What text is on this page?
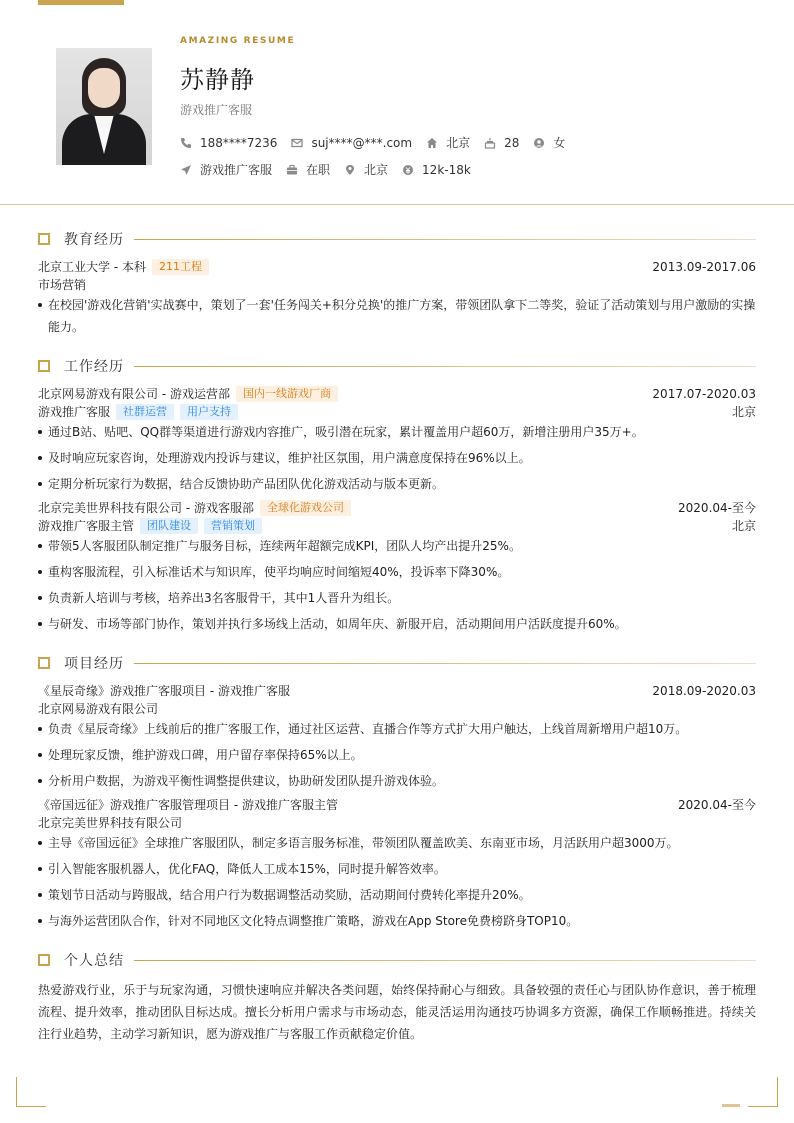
AMAZING RESUME
苏静静
游戏推广客服
188****7236	suj****@***.com	北京	28	女
游戏推广客服	在职	北京	12k-18k
教育经历
北京工业大学 - 本科	211工程	2013.09-2017.06
市场营销
在校园'游戏化营销'实战赛中，策划了一套'任务闯关+积分兑换'的推广方案，带领团队拿下二等奖，验证了活动策划与用户激励的实操能力。
工作经历
北京网易游戏有限公司 - 游戏运营部	国内一线游戏厂商	2017.07-2020.03
游戏推广客服	社群运营	用户支持	北京
通过B站、贴吧、QQ群等渠道进行游戏内容推广，吸引潜在玩家，累计覆盖用户超60万，新增注册用户35万+。
及时响应玩家咨询，处理游戏内投诉与建议，维护社区氛围，用户满意度保持在96%以上。
定期分析玩家行为数据，结合反馈协助产品团队优化游戏活动与版本更新。
北京完美世界科技有限公司 - 游戏客服部	全球化游戏公司	2020.04-至今
游戏推广客服主管	团队建设	营销策划	北京
带领5人客服团队制定推广与服务目标，连续两年超额完成KPI，团队人均产出提升25%。
重构客服流程，引入标准话术与知识库，使平均响应时间缩短40%，投诉率下降30%。
负责新人培训与考核，培养出3名客服骨干，其中1人晋升为组长。
与研发、市场等部门协作，策划并执行多场线上活动，如周年庆、新服开启，活动期间用户活跃度提升60%。
项目经历
《星辰奇缘》游戏推广客服项目 - 游戏推广客服	2018.09-2020.03
北京网易游戏有限公司
负责《星辰奇缘》上线前后的推广客服工作，通过社区运营、直播合作等方式扩大用户触达，上线首周新增用户超10万。
处理玩家反馈，维护游戏口碑，用户留存率保持65%以上。
分析用户数据，为游戏平衡性调整提供建议，协助研发团队提升游戏体验。
《帝国远征》游戏推广客服管理项目 - 游戏推广客服主管	2020.04-至今
北京完美世界科技有限公司
主导《帝国远征》全球推广客服团队，制定多语言服务标准，带领团队覆盖欧美、东南亚市场，月活跃用户超3000万。
引入智能客服机器人，优化FAQ，降低人工成本15%，同时提升解答效率。
策划节日活动与跨服战，结合用户行为数据调整活动奖励，活动期间付费转化率提升20%。
与海外运营团队合作，针对不同地区文化特点调整推广策略，游戏在App Store免费榜跻身TOP10。
个人总结
热爱游戏行业，乐于与玩家沟通，习惯快速响应并解决各类问题，始终保持耐心与细致。具备较强的责任心与团队协作意识，善于梳理流程、提升效率，推动团队目标达成。擅长分析用户需求与市场动态，能灵活运用沟通技巧协调多方资源，确保工作顺畅推进。持续关注行业趋势，主动学习新知识，愿为游戏推广与客服工作贡献稳定价值。
